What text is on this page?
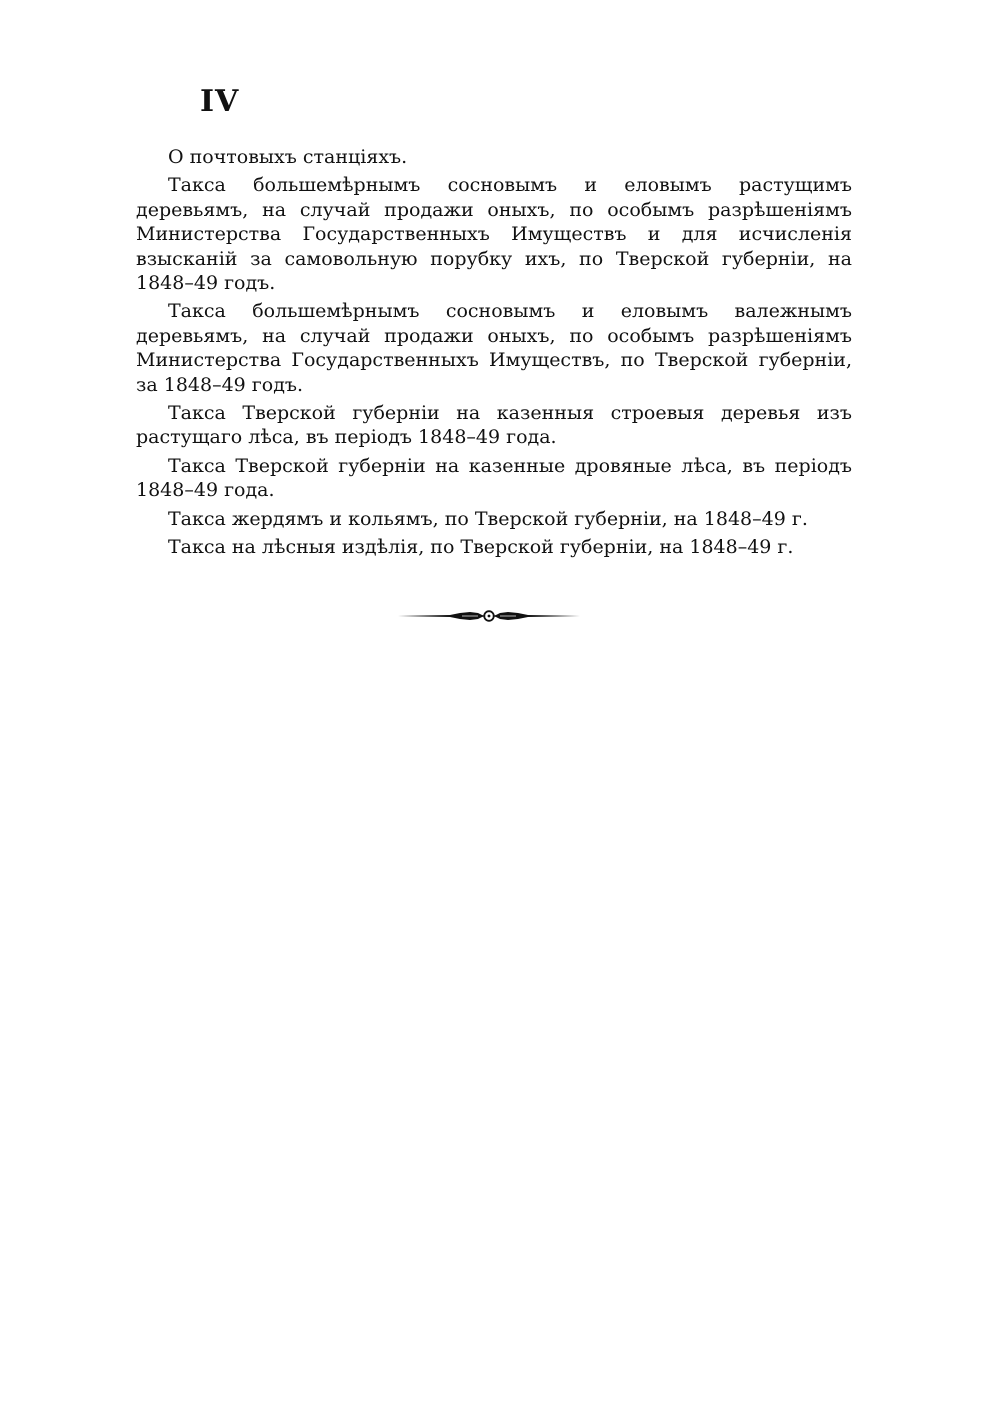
IV

О почтовыхъ станціяхъ.

Такса большемѣрнымъ сосновымъ и еловымъ растущимъ деревьямъ, на случай продажи оныхъ, по особымъ разрѣшеніямъ Министерства Государственныхъ Имуществъ и для исчисленія взысканій за самовольную порубку ихъ, по Тверской губерніи, на 1848–49 годъ.

Такса большемѣрнымъ сосновымъ и еловымъ валежнымъ деревьямъ, на случай продажи оныхъ, по особымъ разрѣшеніямъ Министерства Государственныхъ Имуществъ, по Тверской губерніи, за 1848–49 годъ.

Такса Тверской губерніи на казенныя строевыя деревья изъ растущаго лѣса, въ періодъ 1848–49 года.

Такса Тверской губерніи на казенные дровяные лѣса, въ періодъ 1848–49 года.

Такса жердямъ и кольямъ, по Тверской губерніи, на 1848–49 г.

Такса на лѣсныя издѣлія, по Тверской губерніи, на 1848–49 г.
